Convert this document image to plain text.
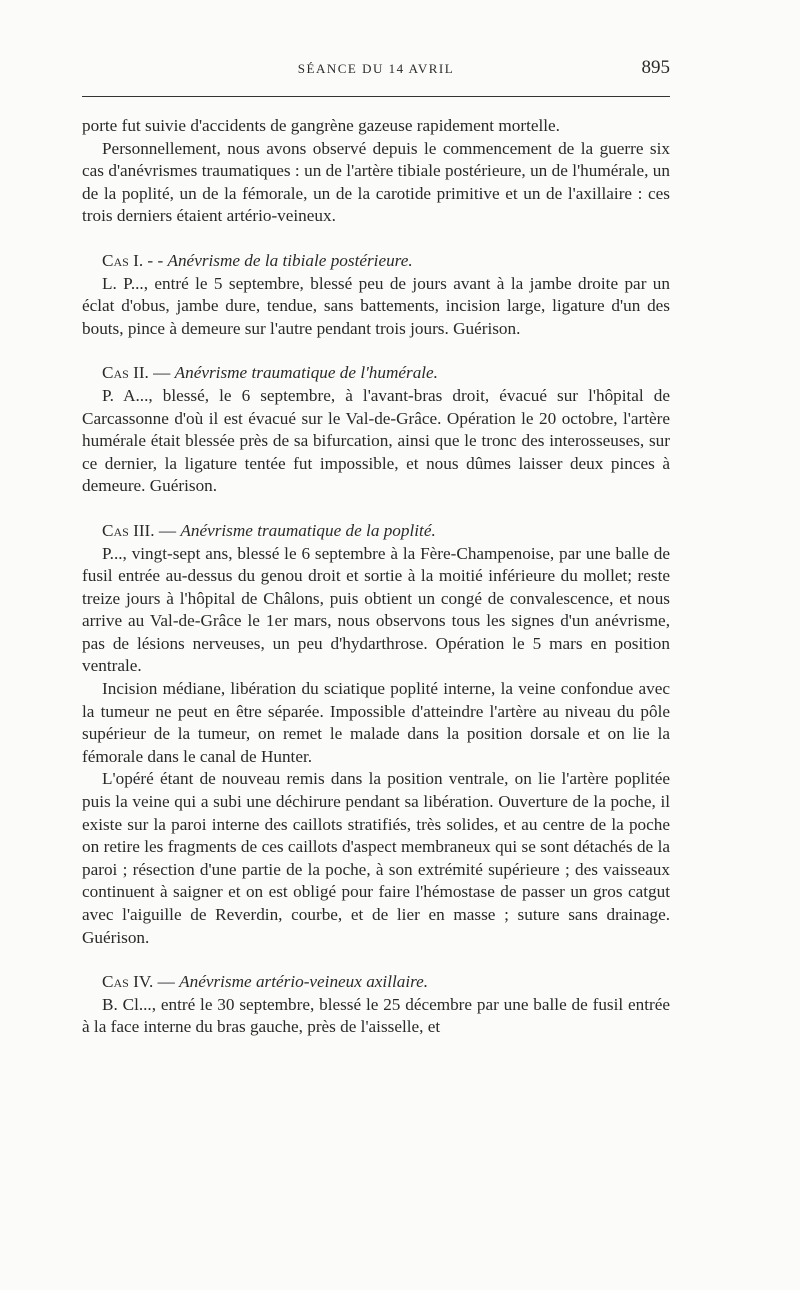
SÉANCE DU 14 AVRIL	895

porte fut suivie d'accidents de gangrène gazeuse rapidement mortelle.

Personnellement, nous avons observé depuis le commencement de la guerre six cas d'anévrismes traumatiques : un de l'artère tibiale postérieure, un de l'humérale, un de la poplité, un de la fémorale, un de la carotide primitive et un de l'axillaire : ces trois derniers étaient artério-veineux.

Cas I. - - Anévrisme de la tibiale postérieure.

L. P..., entré le 5 septembre, blessé peu de jours avant à la jambe droite par un éclat d'obus, jambe dure, tendue, sans battements, incision large, ligature d'un des bouts, pince à demeure sur l'autre pendant trois jours. Guérison.

Cas II. — Anévrisme traumatique de l'humérale.

P. A..., blessé, le 6 septembre, à l'avant-bras droit, évacué sur l'hôpital de Carcassonne d'où il est évacué sur le Val-de-Grâce. Opération le 20 octobre, l'artère humérale était blessée près de sa bifurcation, ainsi que le tronc des interosseuses, sur ce dernier, la ligature tentée fut impossible, et nous dûmes laisser deux pinces à demeure. Guérison.

Cas III. — Anévrisme traumatique de la poplité.

P..., vingt-sept ans, blessé le 6 septembre à la Fère-Champenoise, par une balle de fusil entrée au-dessus du genou droit et sortie à la moitié inférieure du mollet; reste treize jours à l'hôpital de Châlons, puis obtient un congé de convalescence, et nous arrive au Val-de-Grâce le 1er mars, nous observons tous les signes d'un anévrisme, pas de lésions nerveuses, un peu d'hydarthrose. Opération le 5 mars en position ventrale.

Incision médiane, libération du sciatique poplité interne, la veine confondue avec la tumeur ne peut en être séparée. Impossible d'atteindre l'artère au niveau du pôle supérieur de la tumeur, on remet le malade dans la position dorsale et on lie la fémorale dans le canal de Hunter.

L'opéré étant de nouveau remis dans la position ventrale, on lie l'artère poplitée puis la veine qui a subi une déchirure pendant sa libération. Ouverture de la poche, il existe sur la paroi interne des caillots stratifiés, très solides, et au centre de la poche on retire les fragments de ces caillots d'aspect membraneux qui se sont détachés de la paroi ; résection d'une partie de la poche, à son extrémité supérieure ; des vaisseaux continuent à saigner et on est obligé pour faire l'hémostase de passer un gros catgut avec l'aiguille de Reverdin, courbe, et de lier en masse ; suture sans drainage. Guérison.

Cas IV. — Anévrisme artério-veineux axillaire.

B. Cl..., entré le 30 septembre, blessé le 25 décembre par une balle de fusil entrée à la face interne du bras gauche, près de l'aisselle, et
